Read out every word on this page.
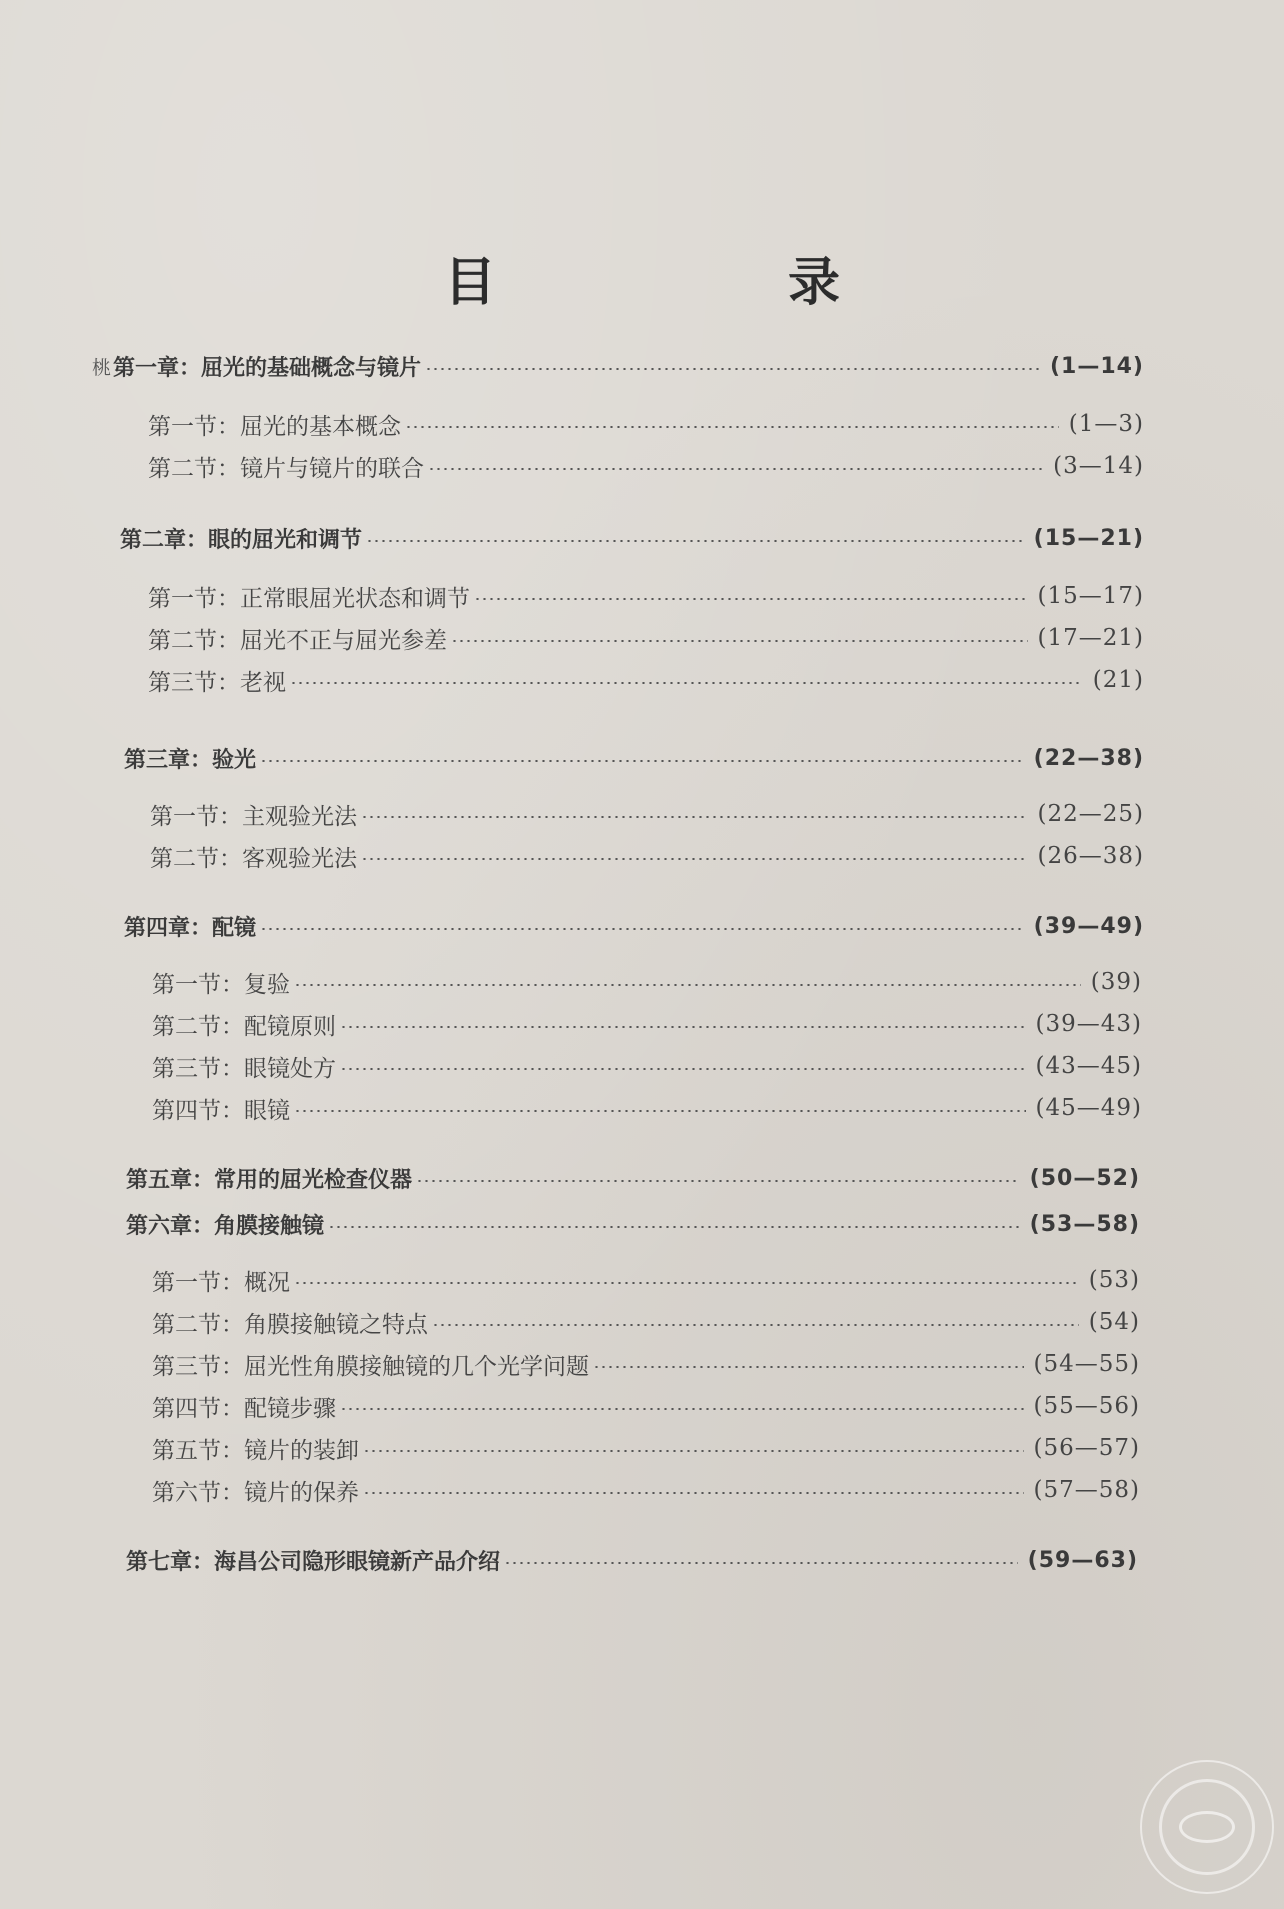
目　录
桃 第一章：屈光的基础概念与镜片	(1—14)
第一节：屈光的基本概念	(1—3)
第二节：镜片与镜片的联合	(3—14)
第二章：眼的屈光和调节	(15—21)
第一节：正常眼屈光状态和调节	(15—17)
第二节：屈光不正与屈光参差	(17—21)
第三节：老视	(21)
第三章：验光	(22—38)
第一节：主观验光法	(22—25)
第二节：客观验光法	(26—38)
第四章：配镜	(39—49)
第一节：复验	(39)
第二节：配镜原则	(39—43)
第三节：眼镜处方	(43—45)
第四节：眼镜	(45—49)
第五章：常用的屈光检查仪器	(50—52)
第六章：角膜接触镜	(53—58)
第一节：概况	(53)
第二节：角膜接触镜之特点	(54)
第三节：屈光性角膜接触镜的几个光学问题	(54—55)
第四节：配镜步骤	(55—56)
第五节：镜片的装卸	(56—57)
第六节：镜片的保养	(57—58)
第七章：海昌公司隐形眼镜新产品介绍	(59—63)
